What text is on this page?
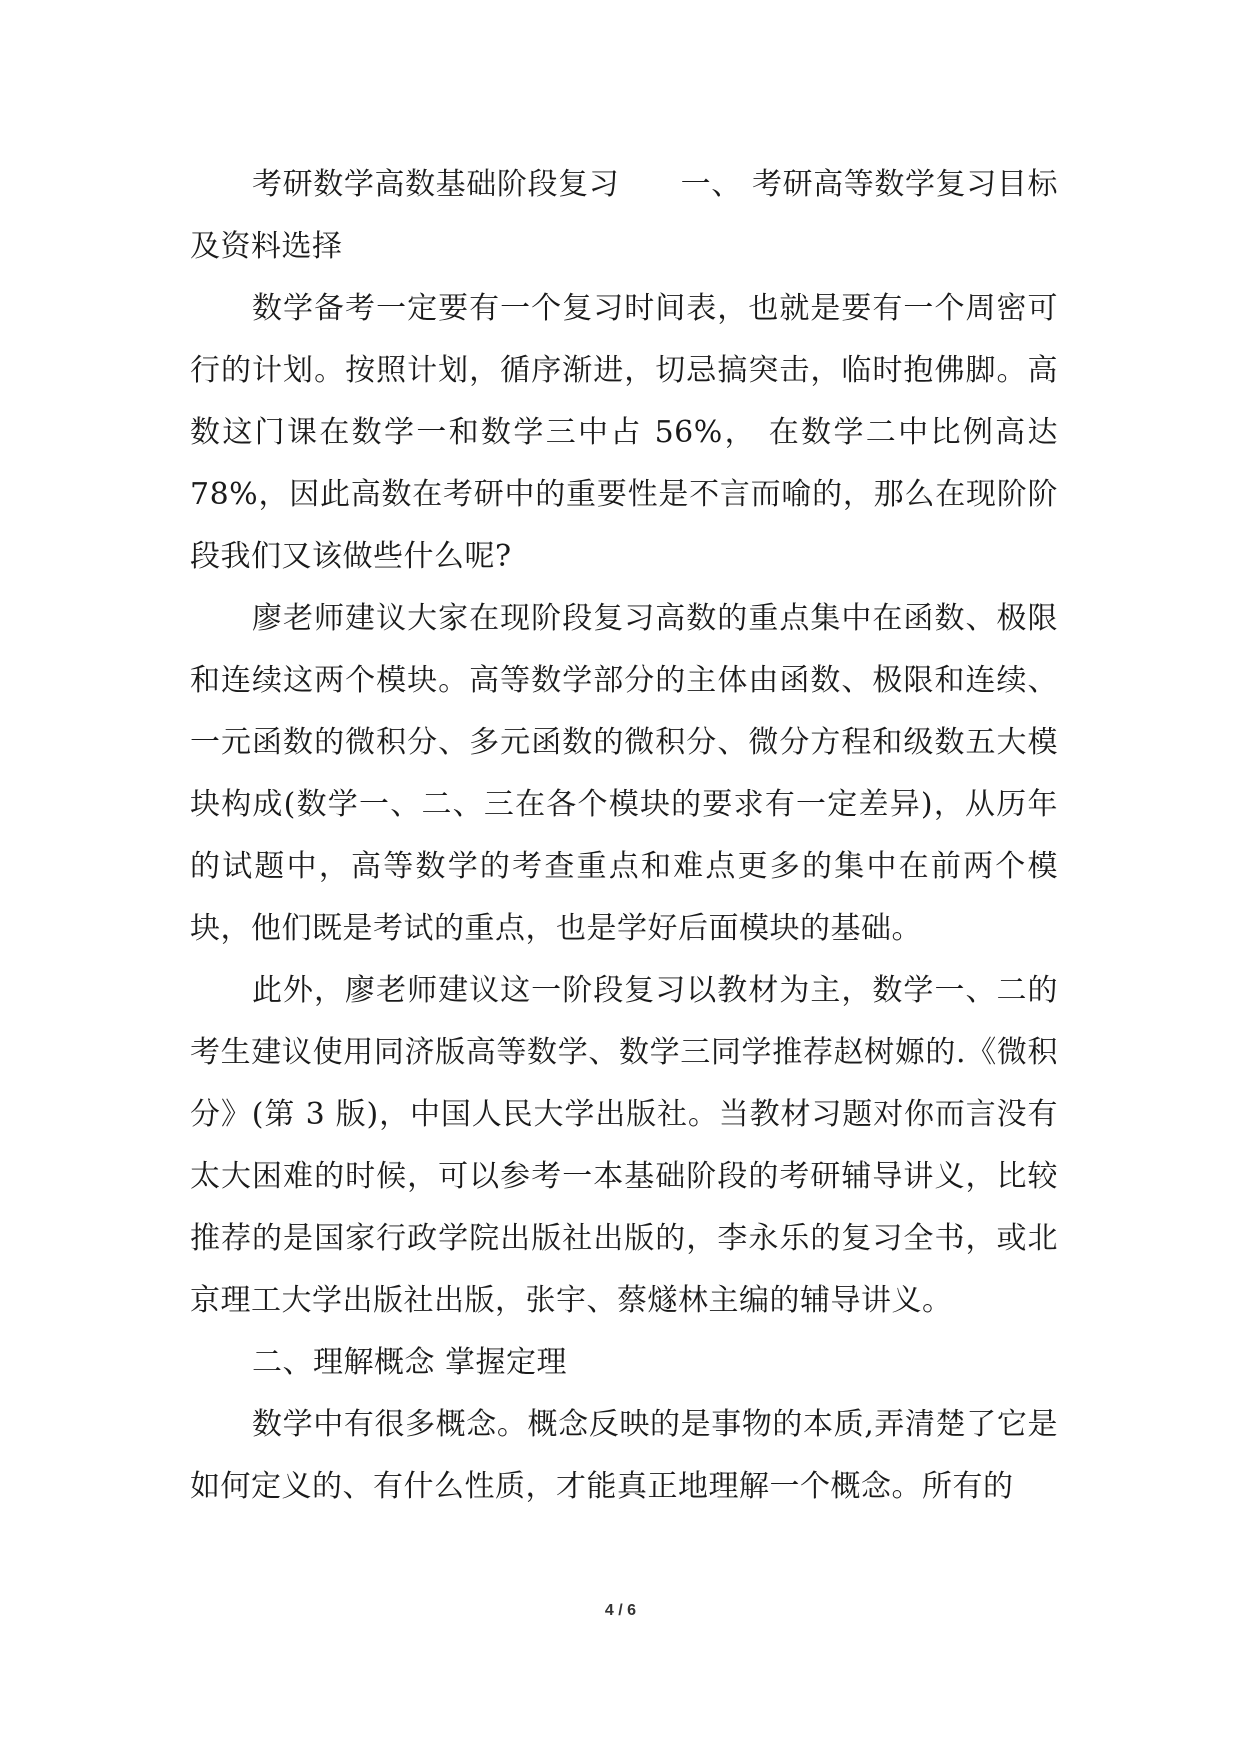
考研数学高数基础阶段复习　　一、 考研高等数学复习目标及资料选择

数学备考一定要有一个复习时间表，也就是要有一个周密可行的计划。按照计划，循序渐进，切忌搞突击，临时抱佛脚。高数这门课在数学一和数学三中占 56%， 在数学二中比例高达 78%，因此高数在考研中的重要性是不言而喻的，那么在现阶阶段我们又该做些什么呢?

廖老师建议大家在现阶段复习高数的重点集中在函数、极限和连续这两个模块。高等数学部分的主体由函数、极限和连续、一元函数的微积分、多元函数的微积分、微分方程和级数五大模块构成(数学一、二、三在各个模块的要求有一定差异)，从历年的试题中，高等数学的考查重点和难点更多的集中在前两个模块，他们既是考试的重点，也是学好后面模块的基础。

此外，廖老师建议这一阶段复习以教材为主，数学一、二的考生建议使用同济版高等数学、数学三同学推荐赵树嫄的.《微积分》(第 3 版)，中国人民大学出版社。当教材习题对你而言没有太大困难的时候，可以参考一本基础阶段的考研辅导讲义，比较推荐的是国家行政学院出版社出版的，李永乐的复习全书，或北京理工大学出版社出版，张宇、蔡燧林主编的辅导讲义。

二、理解概念 掌握定理

数学中有很多概念。概念反映的是事物的本质,弄清楚了它是如何定义的、有什么性质，才能真正地理解一个概念。所有的

4 / 6
